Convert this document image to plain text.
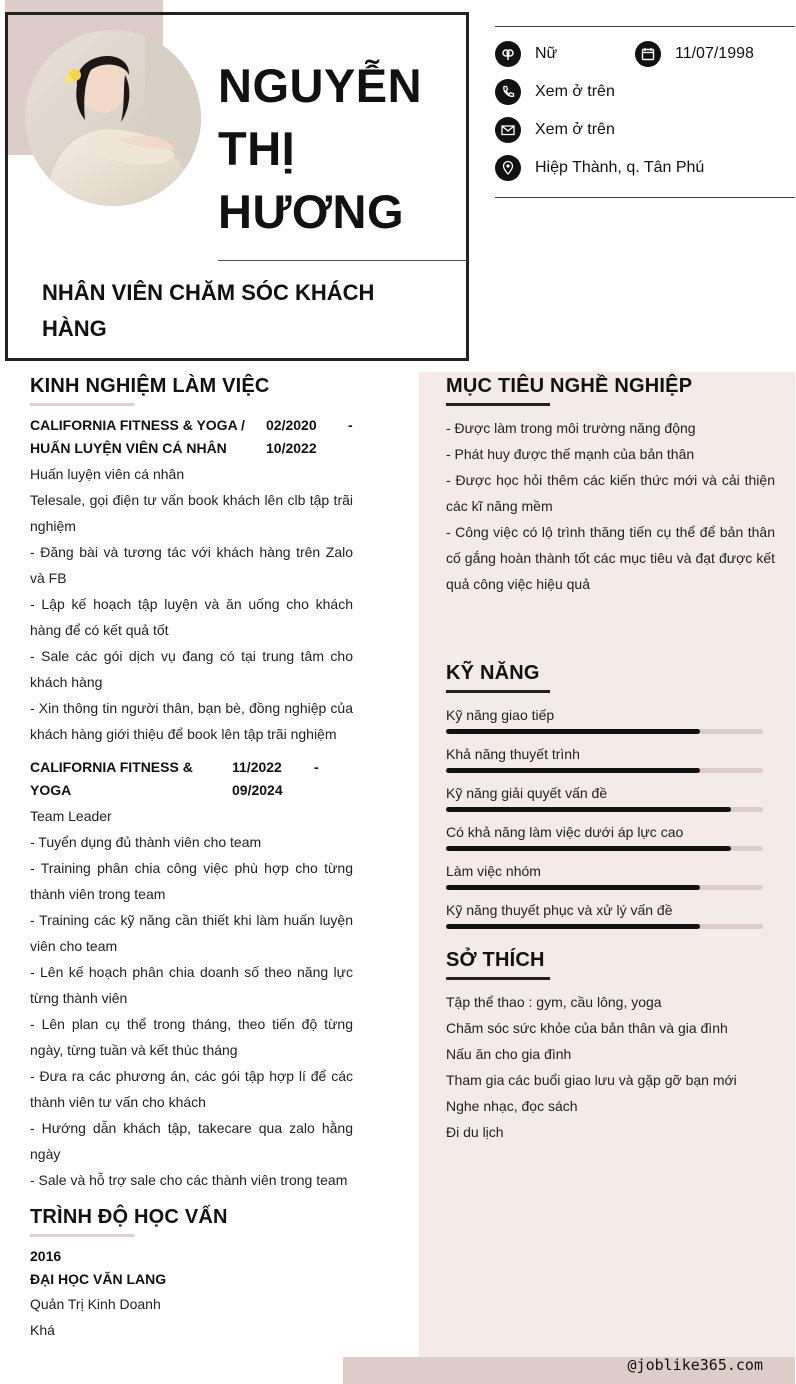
@joblike365.com
NGUYỄN
THỊ
HƯƠNG
NHÂN VIÊN CHĂM SÓC KHÁCH HÀNG
Nữ	11/07/1998
Xem ở trên
Xem ở trên
Hiệp Thành, q. Tân Phú
KINH NGHIỆM LÀM VIỆC
CALIFORNIA FITNESS & YOGA /
HUẤN LUYỆN VIÊN CÁ NHÂN
02/2020
10/2022
-
Huấn luyện viên cá nhân
Telesale, gọi điện tư vấn book khách lên clb tập trãi nghiệm
- Đăng bài và tương tác với khách hàng trên Zalo và FB
- Lập kế hoạch tập luyện và ăn uống cho khách hàng để có kết quả tốt
- Sale các gói dịch vụ đang có tại trung tâm cho khách hàng
- Xin thông tin người thân, bạn bè, đồng nghiệp của khách hàng giới thiệu để book lên tập trãi nghiệm
CALIFORNIA FITNESS & YOGA
11/2022
09/2024
-
Team Leader
- Tuyển dụng đủ thành viên cho team
- Training phân chia công việc phù hợp cho từng thành viên trong team
- Training các kỹ năng cần thiết khi làm huấn luyện viên cho team
- Lên kế hoạch phân chia doanh số theo năng lực từng thành viên
- Lên plan cụ thể trong tháng, theo tiến độ từng ngày, từng tuần và kết thúc tháng
- Đưa ra các phương án, các gói tập hợp lí để các thành viên tư vấn cho khách
- Hướng dẫn khách tập, takecare qua zalo hằng ngày
- Sale và hỗ trợ sale cho các thành viên trong team
TRÌNH ĐỘ HỌC VẤN
2016
ĐẠI HỌC VĂN LANG
Quản Trị Kinh Doanh
Khá
MỤC TIÊU NGHỀ NGHIỆP
- Được làm trong môi trường năng động
- Phát huy được thế mạnh của bản thân
- Được học hỏi thêm các kiến thức mới và cải thiện các kĩ năng mềm
- Công việc có lộ trình thăng tiến cụ thể để bản thân cố gắng hoàn thành tốt các mục tiêu và đạt được kết quả công việc hiệu quả
KỸ NĂNG
Kỹ năng giao tiếp
Khả năng thuyết trình
Kỹ năng giải quyết vấn đề
Có khả năng làm việc dưới áp lực cao
Làm việc nhóm
Kỹ năng thuyết phục và xử lý vấn đề
SỞ THÍCH
Tập thể thao : gym, cầu lông, yoga
Chăm sóc sức khỏe của bản thân và gia đình
Nấu ăn cho gia đình
Tham gia các buổi giao lưu và gặp gỡ bạn mới
Nghe nhạc, đọc sách
Đi du lịch
